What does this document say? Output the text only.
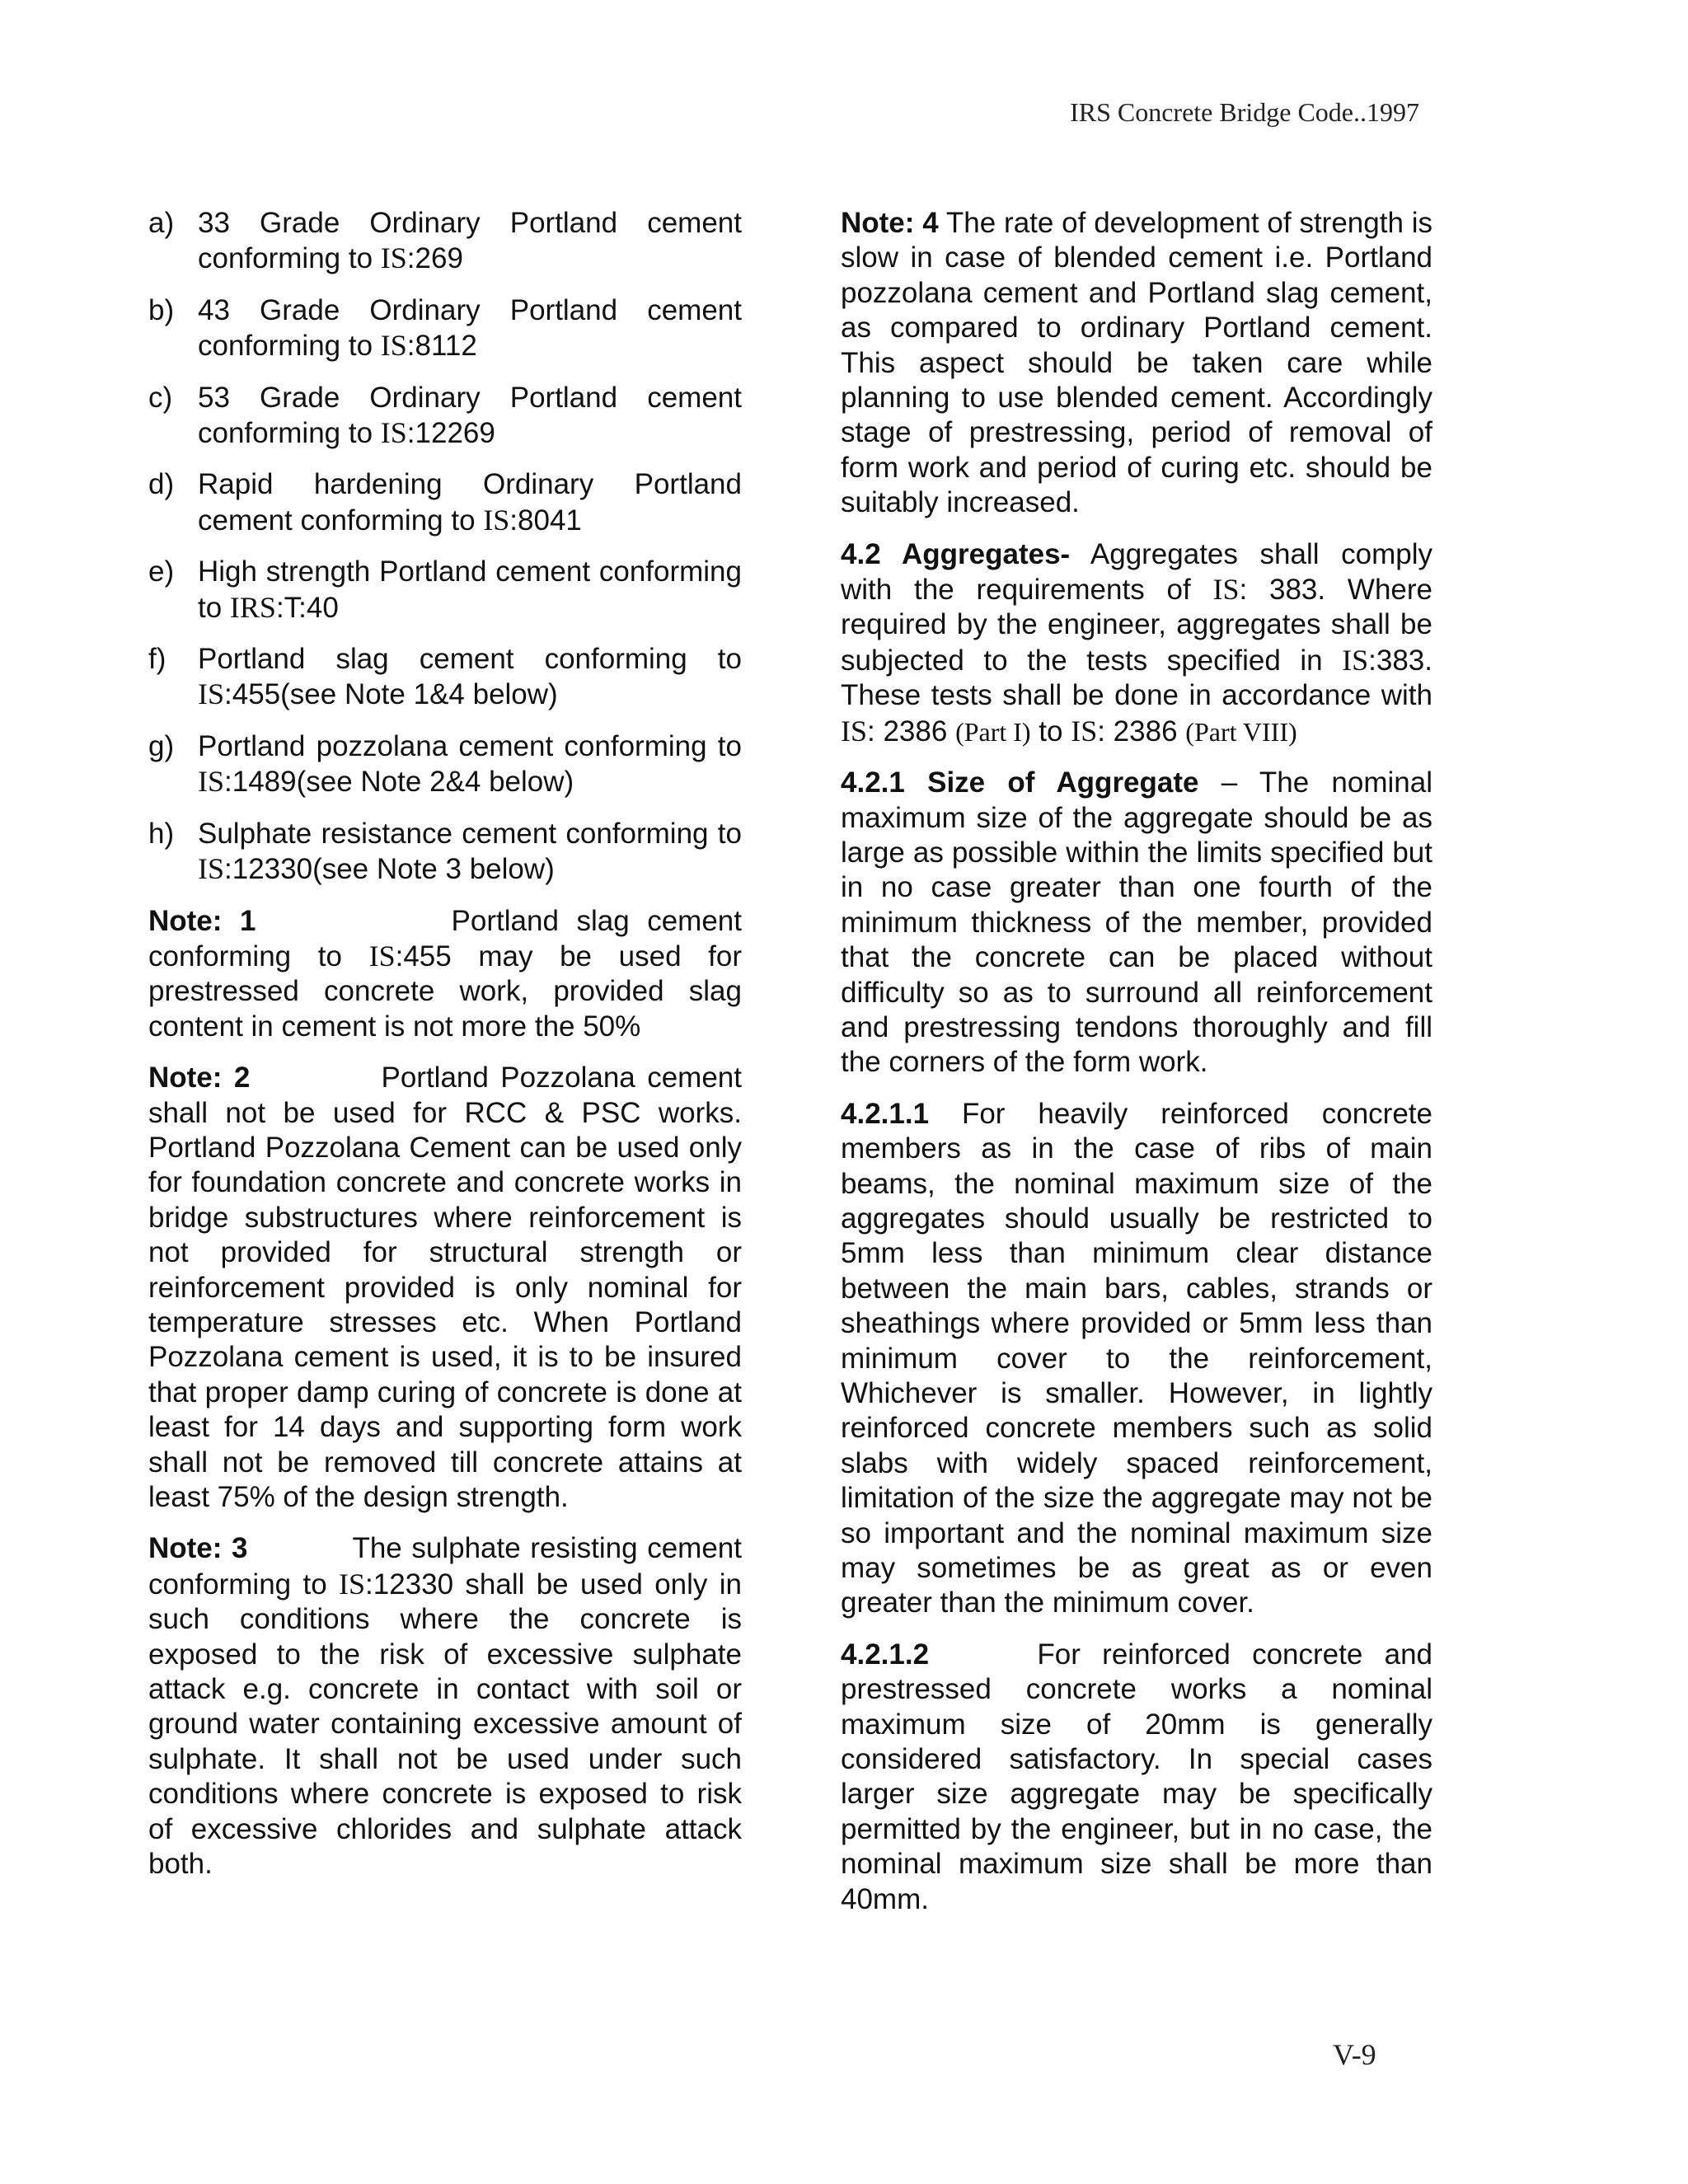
IRS Concrete Bridge Code..1997
a) 33 Grade Ordinary Portland cement conforming to IS:269
b) 43 Grade Ordinary Portland cement conforming to IS:8112
c) 53 Grade Ordinary Portland cement conforming to IS:12269
d) Rapid hardening Ordinary Portland cement conforming to IS:8041
e) High strength Portland cement conforming to IRS:T:40
f)	Portland slag cement conforming to IS:455(see Note 1&4 below)
g) Portland pozzolana cement conforming to IS:1489(see Note 2&4 below)
h) Sulphate resistance cement conforming to IS:12330(see Note 3 below)

Note: 1	Portland slag cement conforming to IS:455 may be used for prestressed concrete work, provided slag content in cement is not more the 50%

Note: 2	Portland Pozzolana cement shall not be used for RCC & PSC works. Portland Pozzolana Cement can be used only for foundation concrete and concrete works in bridge substructures where reinforcement is not provided for structural strength or reinforcement provided is only nominal for temperature stresses etc. When Portland Pozzolana cement is used, it is to be insured that proper damp curing of concrete is done at least for 14 days and supporting form work shall not be removed till concrete attains at least 75% of the design strength.

Note: 3	The sulphate resisting cement conforming to IS:12330 shall be used only in such conditions where the concrete is exposed to the risk of excessive sulphate attack e.g. concrete in contact with soil or ground water containing excessive amount of sulphate. It shall not be used under such conditions where concrete is exposed to risk of excessive chlorides and sulphate attack both.

Note: 4 The rate of development of strength is slow in case of blended cement i.e. Portland pozzolana cement and Portland slag cement, as compared to ordinary Portland cement. This aspect should be taken care while planning to use blended cement. Accordingly stage of prestressing, period of removal of form work and period of curing etc. should be suitably increased.

4.2 Aggregates- Aggregates shall comply with the requirements of IS: 383. Where required by the engineer, aggregates shall be subjected to the tests specified in IS:383. These tests shall be done in accordance with IS: 2386 (Part I) to IS: 2386 (Part VIII)

4.2.1 Size of Aggregate – The nominal maximum size of the aggregate should be as large as possible within the limits specified but in no case greater than one fourth of the minimum thickness of the member, provided that the concrete can be placed without difficulty so as to surround all reinforcement and prestressing tendons thoroughly and fill the corners of the form work.

4.2.1.1 For heavily reinforced concrete members as in the case of ribs of main beams, the nominal maximum size of the aggregates should usually be restricted to 5mm less than minimum clear distance between the main bars, cables, strands or sheathings where provided or 5mm less than minimum cover to the reinforcement, Whichever is smaller. However, in lightly reinforced concrete members such as solid slabs with widely spaced reinforcement, limitation of the size the aggregate may not be so important and the nominal maximum size may sometimes be as great as or even greater than the minimum cover.

4.2.1.2	For reinforced concrete and prestressed concrete works a nominal maximum size of 20mm is generally considered satisfactory. In special cases larger size aggregate may be specifically permitted by the engineer, but in no case, the nominal maximum size shall be more than 40mm.

V-9
